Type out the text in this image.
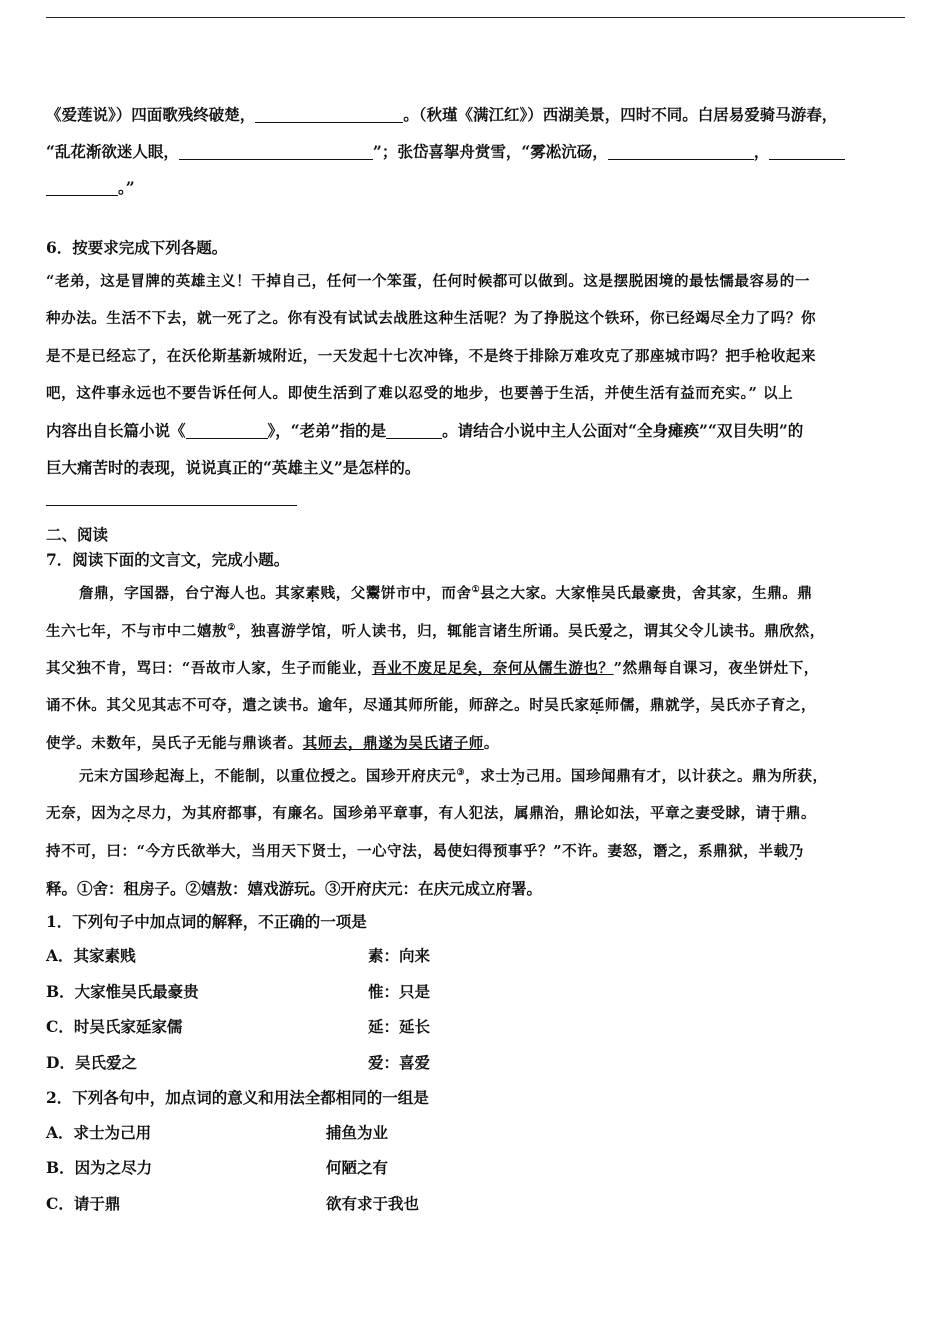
《爱莲说》）四面歌残终破楚，	。（秋瑾《满江红》）西湖美景，四时不同。白居易爱骑马游春，
“乱花渐欲迷人眼，	”；张岱喜挐舟赏雪，“雾凇沆砀，	，
。”
6．按要求完成下列各题。
“老弟，这是冒牌的英雄主义！干掉自己，任何一个笨蛋，任何时候都可以做到。这是摆脱困境的最怯懦最容易的一
种办法。生活不下去，就一死了之。你有没有试试去战胜这种生活呢？为了挣脱这个铁环，你已经竭尽全力了吗？你
是不是已经忘了，在沃伦斯基新城附近，一天发起十七次冲锋，不是终于排除万难攻克了那座城市吗？把手枪收起来
吧，这件事永远也不要告诉任何人。即使生活到了难以忍受的地步，也要善于生活，并使生活有益而充实。” 以上
内容出自长篇小说《	》，“老弟”指的是	。请结合小说中主人公面对“全身瘫痪”“双目失明”的
巨大痛苦时的表现，说说真正的“英雄主义”是怎样的。
二、阅读
7．阅读下面的文言文，完成小题。
詹鼎，字国器，台宁海人也。其家素贱，父鬻饼市中，而舍①县之大家。大家惟吴氏最豪贵，舍其家，生鼎。鼎
生六七年，不与市中二嬉敖②，独喜游学馆，听人读书，归，辄能言诸生所诵。吴氏爱之，谓其父令儿读书。鼎欣然，
其父独不肯，骂曰：“吾故市人家，生子而能业，吾业不废足足矣，奈何从儒生游也？”然鼎每自课习，夜坐饼灶下，
诵不休。其父见其志不可夺，遣之读书。逾年，尽通其师所能，师辞之。时吴氏家延师儒，鼎就学，吴氏亦子育之，
使学。未数年，吴氏子无能与鼎谈者。其师去，鼎遂为吴氏诸子师。
元末方国珍起海上，不能制，以重位授之。国珍开府庆元③，求士为己用。国珍闻鼎有才，以计获之。鼎为所获，
无奈，因为之尽力，为其府都事，有廉名。国珍弟平章事，有人犯法，属鼎治，鼎论如法，平章之妻受賕，请于鼎。
持不可，曰：“今方氏欲举大，当用天下贤士，一心守法，曷使妇得预事乎？”不许。妻怒，谮之，系鼎狱，半载乃
释。①舍：租房子。②嬉敖：嬉戏游玩。③开府庆元：在庆元成立府署。
1．下列句子中加点词的解释，不正确的一项是
A．其家素贱	素：向来
B．大家惟吴氏最豪贵	惟：只是
C．时吴氏家延家儒	延：延长
D．吴氏爱之	爱：喜爱
2．下列各句中，加点词的意义和用法全都相同的一组是
A．求士为己用	捕鱼为业
B．因为之尽力	何陋之有
C．请于鼎	欲有求于我也
